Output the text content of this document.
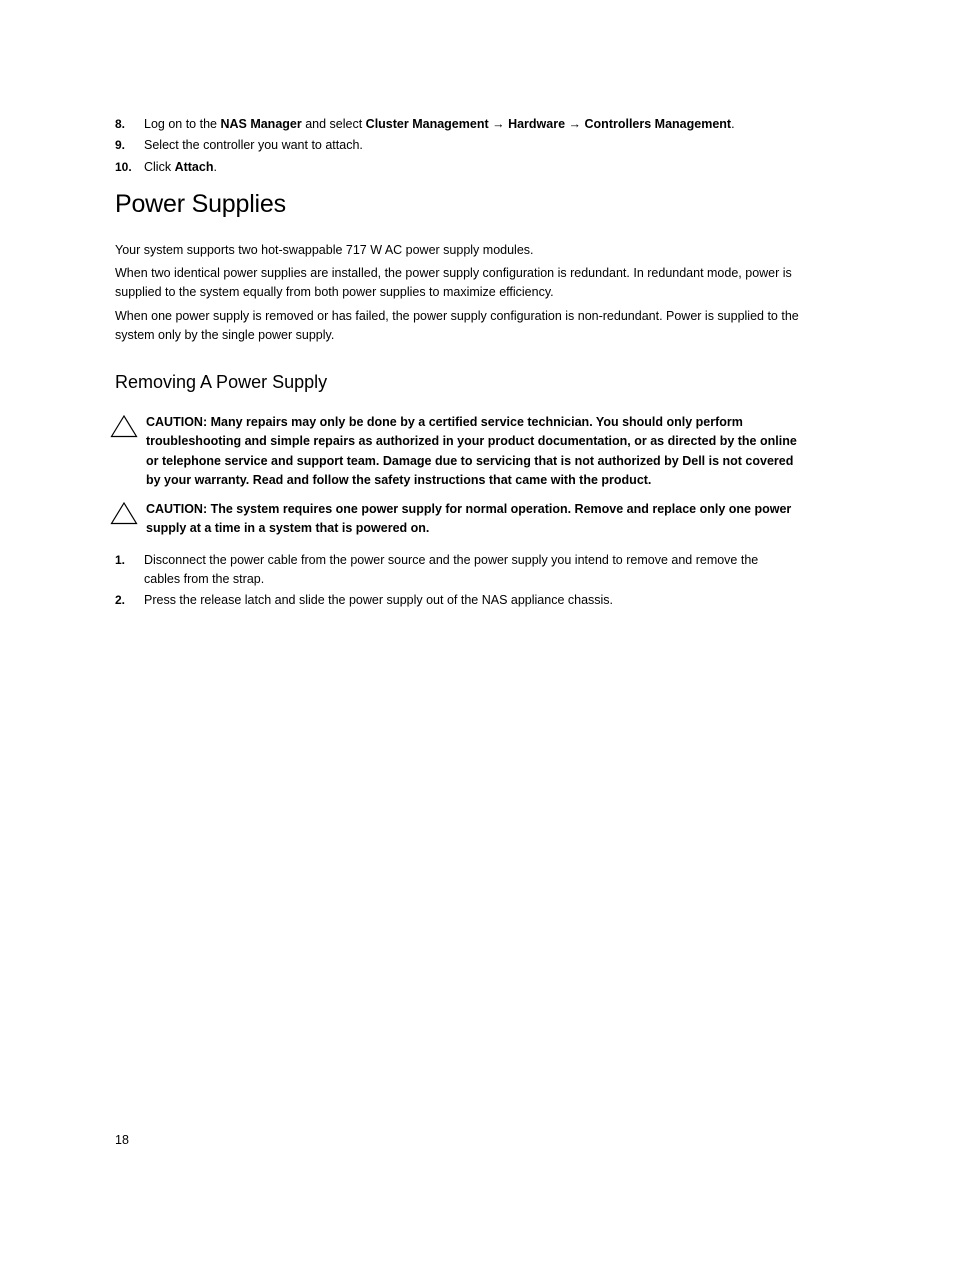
8. Log on to the NAS Manager and select Cluster Management → Hardware → Controllers Management.
9. Select the controller you want to attach.
10. Click Attach.
Power Supplies

Your system supports two hot-swappable 717 W AC power supply modules.

When two identical power supplies are installed, the power supply configuration is redundant. In redundant mode, power is supplied to the system equally from both power supplies to maximize efficiency.

When one power supply is removed or has failed, the power supply configuration is non-redundant. Power is supplied to the system only by the single power supply.

Removing A Power Supply
CAUTION: Many repairs may only be done by a certified service technician. You should only perform troubleshooting and simple repairs as authorized in your product documentation, or as directed by the online or telephone service and support team. Damage due to servicing that is not authorized by Dell is not covered by your warranty. Read and follow the safety instructions that came with the product.
CAUTION: The system requires one power supply for normal operation. Remove and replace only one power supply at a time in a system that is powered on.
1. Disconnect the power cable from the power source and the power supply you intend to remove and remove the cables from the strap.
2. Press the release latch and slide the power supply out of the NAS appliance chassis.
18
